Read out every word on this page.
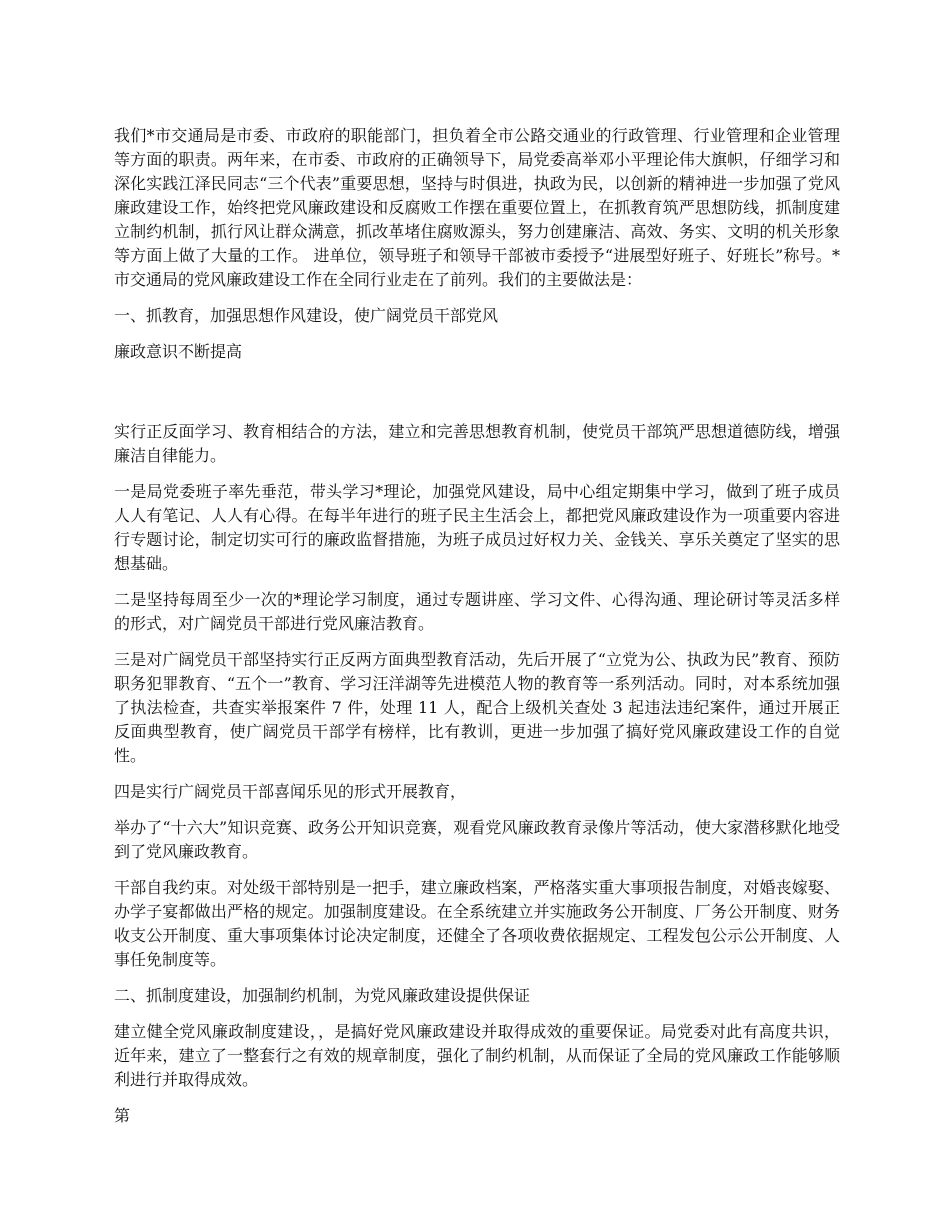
我们*市交通局是市委、市政府的职能部门，担负着全市公路交通业的行政管理、行业管理和企业管理等方面的职责。两年来，在市委、市政府的正确领导下，局党委高举邓小平理论伟大旗帜，仔细学习和深化实践江泽民同志“三个代表”重要思想，坚持与时俱进，执政为民，以创新的精神进一步加强了党风廉政建设工作，始终把党风廉政建设和反腐败工作摆在重要位置上，在抓教育筑严思想防线，抓制度建立制约机制，抓行风让群众满意，抓改革堵住腐败源头，努力创建廉洁、高效、务实、文明的机关形象等方面上做了大量的工作。 进单位，领导班子和领导干部被市委授予“进展型好班子、好班长”称号。*市交通局的党风廉政建设工作在全同行业走在了前列。我们的主要做法是：

一、抓教育，加强思想作风建设，使广阔党员干部党风

廉政意识不断提高

实行正反面学习、教育相结合的方法，建立和完善思想教育机制，使党员干部筑严思想道德防线，增强廉洁自律能力。

一是局党委班子率先垂范，带头学习*理论，加强党风建设，局中心组定期集中学习，做到了班子成员人人有笔记、人人有心得。在每半年进行的班子民主生活会上，都把党风廉政建设作为一项重要内容进行专题讨论，制定切实可行的廉政监督措施，为班子成员过好权力关、金钱关、享乐关奠定了坚实的思想基础。

二是坚持每周至少一次的*理论学习制度，通过专题讲座、学习文件、心得沟通、理论研讨等灵活多样的形式，对广阔党员干部进行党风廉洁教育。

三是对广阔党员干部坚持实行正反两方面典型教育活动，先后开展了“立党为公、执政为民”教育、预防职务犯罪教育、“五个一”教育、学习汪洋湖等先进模范人物的教育等一系列活动。同时，对本系统加强了执法检查，共查实举报案件 7 件，处理 11 人，配合上级机关查处 3 起违法违纪案件，通过开展正反面典型教育，使广阔党员干部学有榜样，比有教训，更进一步加强了搞好党风廉政建设工作的自觉性。

四是实行广阔党员干部喜闻乐见的形式开展教育，

举办了“十六大”知识竞赛、政务公开知识竞赛，观看党风廉政教育录像片等活动，使大家潜移默化地受到了党风廉政教育。

干部自我约束。对处级干部特别是一把手，建立廉政档案，严格落实重大事项报告制度，对婚丧嫁娶、办学子宴都做出严格的规定。加强制度建设。在全系统建立并实施政务公开制度、厂务公开制度、财务收支公开制度、重大事项集体讨论决定制度，还健全了各项收费依据规定、工程发包公示公开制度、人事任免制度等。

二、抓制度建设，加强制约机制，为党风廉政建设提供保证

建立健全党风廉政制度建设，，是搞好党风廉政建设并取得成效的重要保证。局党委对此有高度共识，近年来，建立了一整套行之有效的规章制度，强化了制约机制，从而保证了全局的党风廉政工作能够顺利进行并取得成效。

第
